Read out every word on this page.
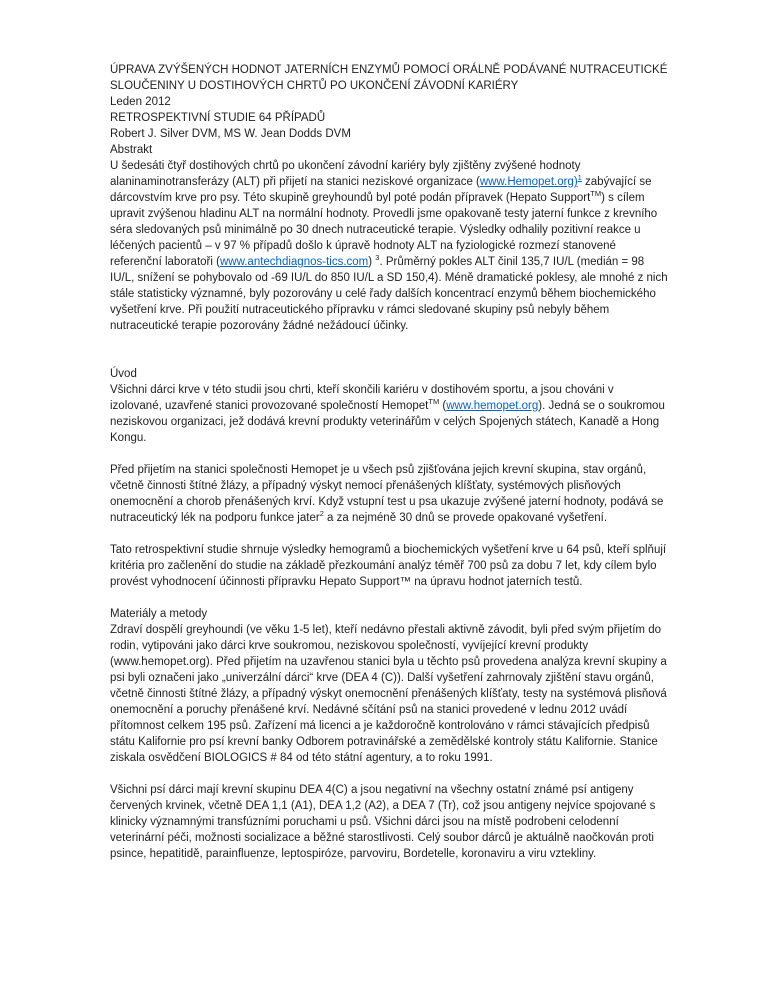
ÚPRAVA ZVÝŠENÝCH HODNOT JATERNÍCH ENZYMŮ POMOCÍ ORÁLNĚ PODÁVANÉ NUTRACEUTICKÉ SLOUČENINY U DOSTIHOVÝCH CHRTŮ PO UKONČENÍ ZÁVODNÍ KARIÉRY

Leden 2012

RETROSPEKTIVNÍ STUDIE 64 PŘÍPADŮ

Robert J. Silver DVM, MS W. Jean Dodds DVM

Abstrakt

U šedesáti čtyř dostihových chrtů po ukončení závodní kariéry byly zjištěny zvýšené hodnoty alaninaminotransferázy (ALT) při přijetí na stanici neziskové organizace (www.Hemopet.org)$^1$ zabývající se dárcovstvím krve pro psy. Této skupině greyhoundů byl poté podán přípravek (Hepato Support™) s cílem upravit zvýšenou hladinu ALT na normální hodnoty. Provedli jsme opakovaně testy jaterní funkce z krevního séra sledovaných psů minimálně po 30 dnech nutraceutické terapie. Výsledky odhalily pozitivní reakce u léčených pacientů – v 97 % případů došlo k úpravě hodnoty ALT na fyziologické rozmezí stanovené referenční laboratoři (www.antechdiagnos-tics.com) $^3$. Průměrný pokles ALT činil 135,7 IU/L (medián = 98 IU/L, snížení se pohybovalo od -69 IU/L do 850 IU/L a SD 150,4). Méně dramatické poklesy, ale mnohé z nich stále statisticky významné, byly pozorovány u celé řady dalších koncentrací enzymů během biochemického vyšetření krve. Při použití nutraceutického přípravku v rámci sledované skupiny psů nebyly během nutraceutické terapie pozorovány žádné nežádoucí účinky.

Úvod

Všichni dárci krve v této studii jsou chrti, kteří skončili kariéru v dostihovém sportu, a jsou chováni v izolované, uzavřené stanici provozované společností Hemopet™ (www.hemopet.org). Jedná se o soukromou neziskovou organizaci, jež dodává krevní produkty veterinářům v celých Spojených státech, Kanadě a Hong Kongu.

Před přijetím na stanici společnosti Hemopet je u všech psů zjišťována jejich krevní skupina, stav orgánů, včetně činnosti štítné žlázy, a případný výskyt nemocí přenášených klíšťaty, systémových plisňových onemocnění a chorob přenášených krví. Když vstupní test u psa ukazuje zvýšené jaterní hodnoty, podává se nutraceutický lék na podporu funkce jater$^2$ a za nejméně 30 dnů se provede opakované vyšetření.

Tato retrospektivní studie shrnuje výsledky hemogramů a biochemických vyšetření krve u 64 psů, kteří splňují kritéria pro začlenění do studie na základě přezkoumání analýz téměř 700 psů za dobu 7 let, kdy cílem bylo provést vyhodnocení účinnosti přípravku Hepato Support™ na úpravu hodnot jaterních testů.

Materiály a metody

Zdraví dospělí greyhoundi (ve věku 1-5 let), kteří nedávno přestali aktivně závodit, byli před svým přijetím do rodin, vytipováni jako dárci krve soukromou, neziskovou společností, vyvíjející krevní produkty (www.hemopet.org). Před přijetím na uzavřenou stanici byla u těchto psů provedena analýza krevní skupiny a psi byli označeni jako „univerzální dárci“ krve (DEA 4 (C)). Další vyšetření zahrnovaly zjištění stavu orgánů, včetně činnosti štítné žlázy, a případný výskyt onemocnění přenášených klíšťaty, testy na systémová plisňová onemocnění a poruchy přenášené krví. Nedávné sčítání psů na stanici provedené v lednu 2012 uvádí přítomnost celkem 195 psů. Zařízení má licenci a je každoročně kontrolováno v rámci stávajících předpisů státu Kalifornie pro psí krevní banky Odborem potravinářské a zemědělské kontroly státu Kalifornie. Stanice ziskala osvědčení BIOLOGICS # 84 od této státní agentury, a to roku 1991.

Všichni psí dárci mají krevní skupinu DEA 4(C) a jsou negativní na všechny ostatní známé psí antigeny červených krvinek, včetně DEA 1,1 (A1), DEA 1,2 (A2), a DEA 7 (Tr), což jsou antigeny nejvíce spojované s klinicky významnými transfúzními poruchami u psů. Všichni dárci jsou na místě podrobeni celodenní veterinární péči, možnosti socializace a běžné starostlivosti. Celý soubor dárců je aktuálně naočkován proti psince, hepatitidě, parainfluenze, leptospiróze, parvoviru, Bordetelle, koronaviru a viru vztekliny.
